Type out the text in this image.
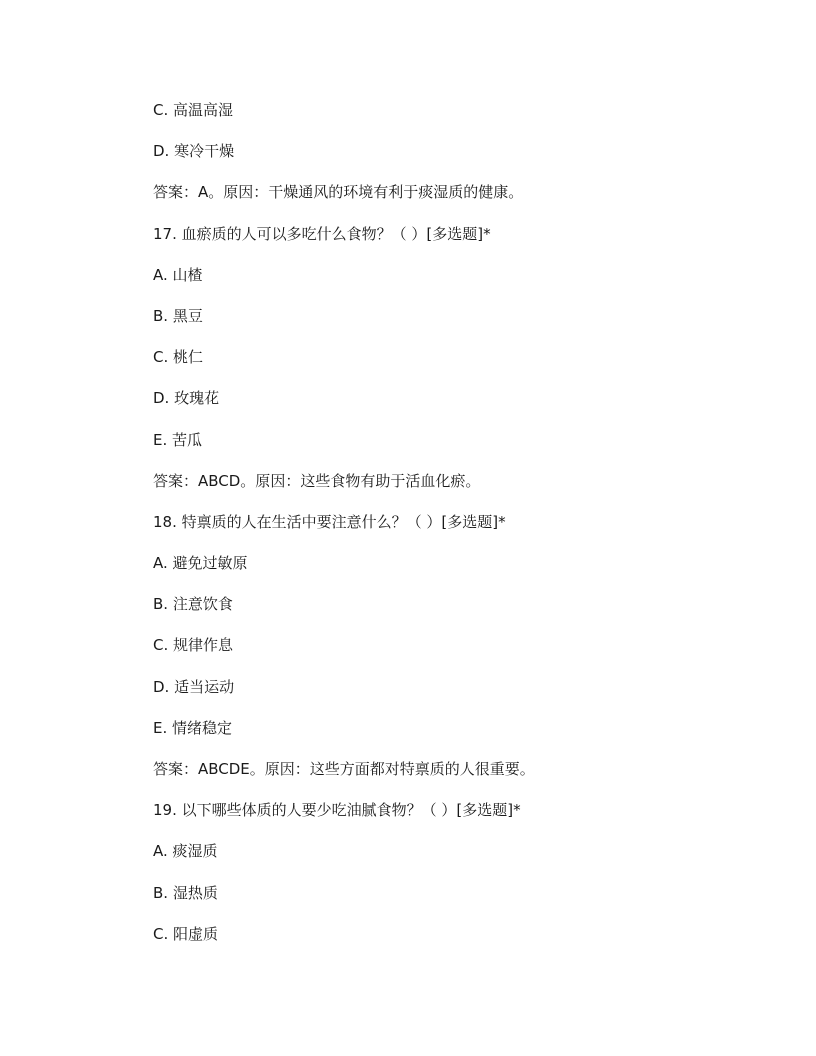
C. 高温高湿
D. 寒冷干燥
答案：A。原因：干燥通风的环境有利于痰湿质的健康。
17. 血瘀质的人可以多吃什么食物？（ ）[多选题]*
A. 山楂
B. 黑豆
C. 桃仁
D. 玫瑰花
E. 苦瓜
答案：ABCD。原因：这些食物有助于活血化瘀。
18. 特禀质的人在生活中要注意什么？（ ）[多选题]*
A. 避免过敏原
B. 注意饮食
C. 规律作息
D. 适当运动
E. 情绪稳定
答案：ABCDE。原因：这些方面都对特禀质的人很重要。
19. 以下哪些体质的人要少吃油腻食物？（ ）[多选题]*
A. 痰湿质
B. 湿热质
C. 阳虚质
